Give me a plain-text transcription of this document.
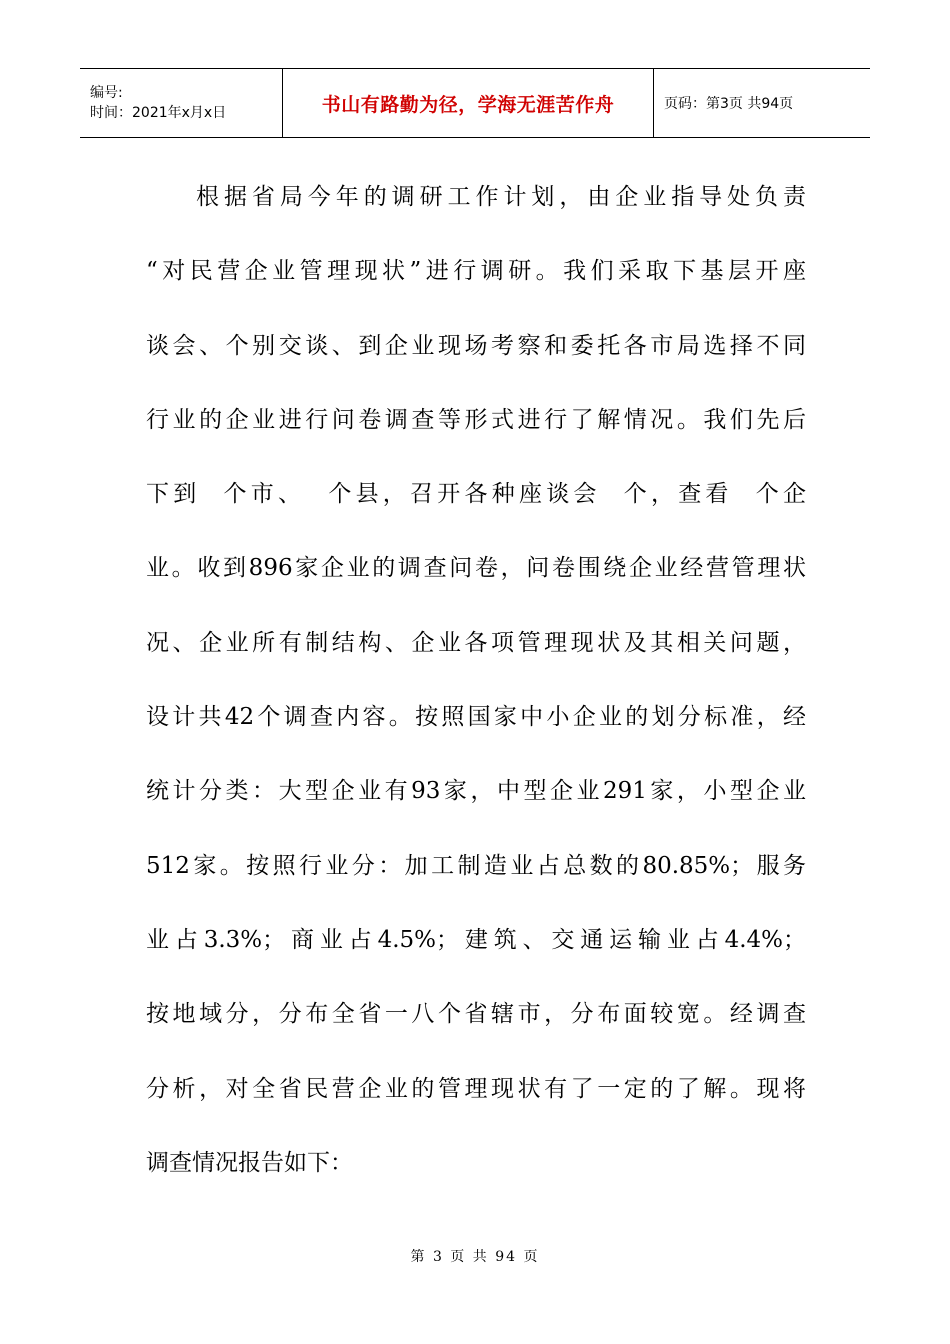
编号:
时间：2021年x月x日	书山有路勤为径，学海无涯苦作舟	页码：第3页 共94页
根据省局今年的调研工作计划，由企业指导处负责
“对民营企业管理现状”进行调研。我们采取下基层开座
谈会、个别交谈、到企业现场考察和委托各市局选择不同
行业的企业进行问卷调查等形式进行了解情况。我们先后
下到  个市、  个县，召开各种座谈会  个，查看  个企
业。收到896家企业的调查问卷，问卷围绕企业经营管理状
况、企业所有制结构、企业各项管理现状及其相关问题，
设计共42个调查内容。按照国家中小企业的划分标准，经
统计分类：大型企业有93家，中型企业291家，小型企业
512家。按照行业分：加工制造业占总数的80.85%；服务
业占3.3%；商业占4.5%；建筑、交通运输业占4.4%；
按地域分，分布全省一八个省辖市，分布面较宽。经调查
分析，对全省民营企业的管理现状有了一定的了解。现将
调查情况报告如下：
第 3 页 共 94 页
